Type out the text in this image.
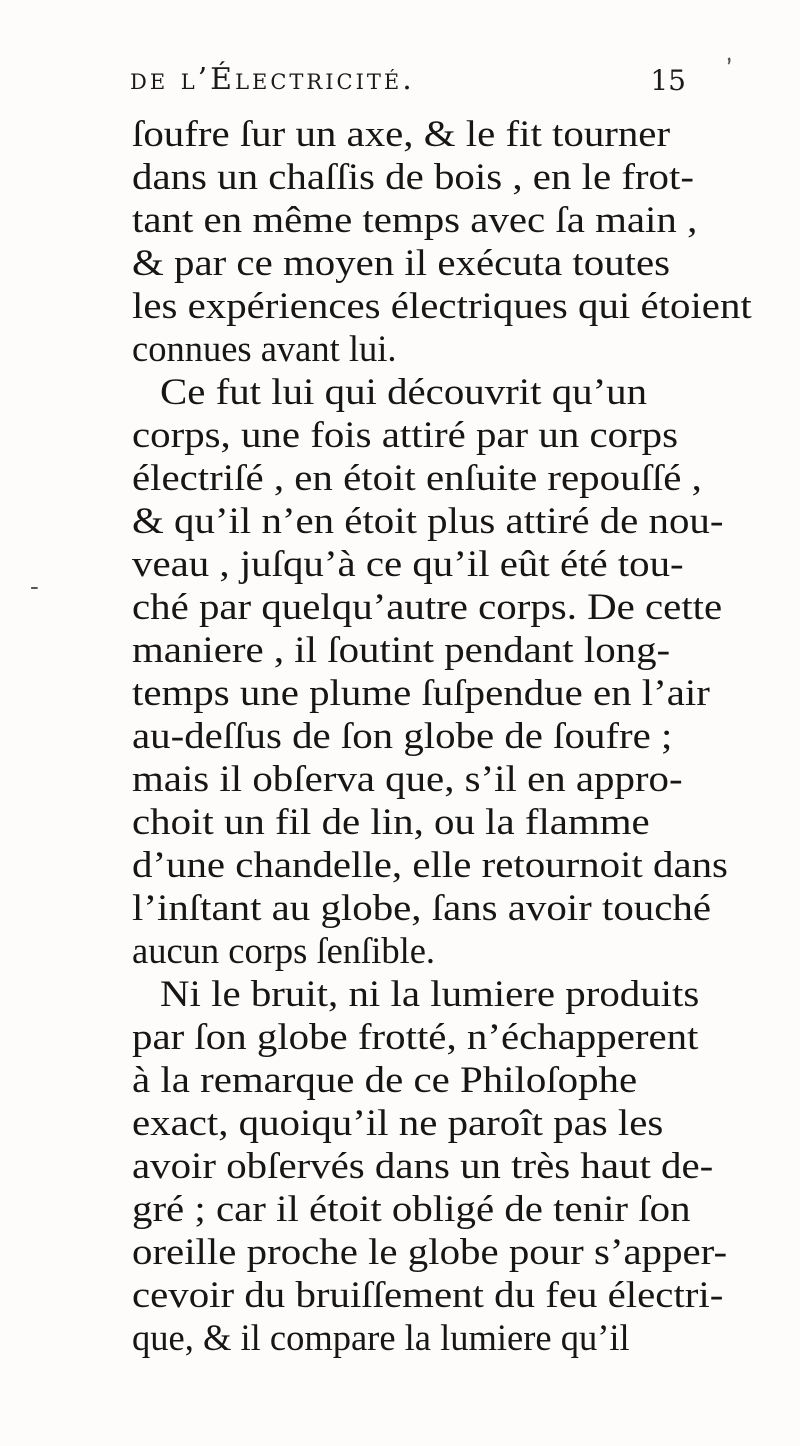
de l’Électricité.	15 ʼ
-
ſoufre ſur un axe, & le fit tourner
dans un chaſſis de bois , en le frot-
tant en même temps avec ſa main ,
& par ce moyen il exécuta toutes
les expériences électriques qui étoient
connues avant lui.
Ce fut lui qui découvrit qu’un
corps, une fois attiré par un corps
électriſé , en étoit enſuite repouſſé ,
& qu’il n’en étoit plus attiré de nou-
veau , juſqu’à ce qu’il eût été tou-
ché par quelqu’autre corps. De cette
maniere , il ſoutint pendant long-
temps une plume ſuſpendue en l’air
au-deſſus de ſon globe de ſoufre ;
mais il obſerva que, s’il en appro-
choit un fil de lin, ou la flamme
d’une chandelle, elle retournoit dans
l’inſtant au globe, ſans avoir touché
aucun corps ſenſible.
Ni le bruit, ni la lumiere produits
par ſon globe frotté, n’échapperent
à la remarque de ce Philoſophe
exact, quoiqu’il ne paroît pas les
avoir obſervés dans un très haut de-
gré ; car il étoit obligé de tenir ſon
oreille proche le globe pour s’apper-
cevoir du bruiſſement du feu électri-
que, & il compare la lumiere qu’il
